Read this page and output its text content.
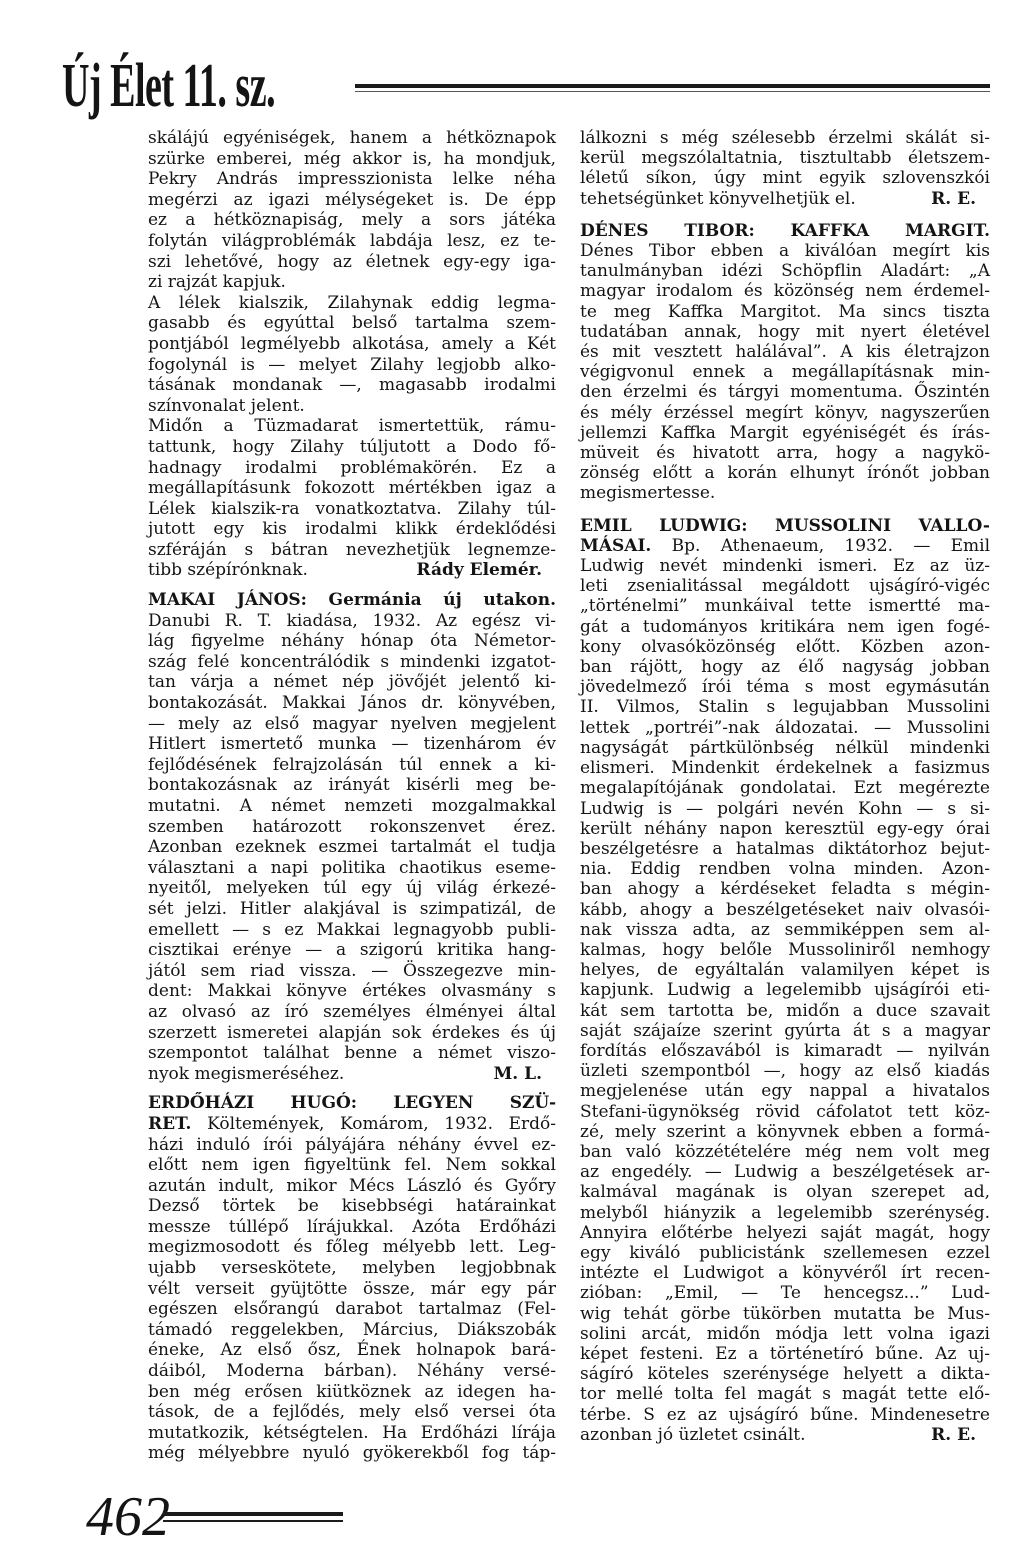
Új Élet 11. sz.
skálájú egyéniségek, hanem a hétköznapok
szürke emberei, még akkor is, ha mondjuk,
Pekry András impresszionista lelke néha
megérzi az igazi mélységeket is. De épp
ez a hétköznapiság, mely a sors játéka
folytán világproblémák labdája lesz, ez te-
szi lehetővé, hogy az életnek egy-egy iga-
zi rajzát kapjuk.
A lélek kialszik, Zilahynak eddig legma-
gasabb és egyúttal belső tartalma szem-
pontjából legmélyebb alkotása, amely a Két
fogolynál is — melyet Zilahy legjobb alko-
tásának mondanak —, magasabb irodalmi
színvonalat jelent.
Midőn a Tüzmadarat ismertettük, rámu-
tattunk, hogy Zilahy túljutott a Dodo fő-
hadnagy irodalmi problémakörén. Ez a
megállapításunk fokozott mértékben igaz a
Lélek kialszik-ra vonatkoztatva. Zilahy túl-
jutott egy kis irodalmi klikk érdeklődési
szféráján s bátran nevezhetjük legnemze-
tibb szépírónknak.	Rády Elemér.
MAKAI JÁNOS: Germánia új utakon.
Danubi R. T. kiadása, 1932. Az egész vi-
lág figyelme néhány hónap óta Németor-
szág felé koncentrálódik s mindenki izgatot-
tan várja a német nép jövőjét jelentő ki-
bontakozását. Makkai János dr. könyvében,
— mely az első magyar nyelven megjelent
Hitlert ismertető munka — tizenhárom év
fejlődésének felrajzolásán túl ennek a ki-
bontakozásnak az irányát kisérli meg be-
mutatni. A német nemzeti mozgalmakkal
szemben határozott rokonszenvet érez.
Azonban ezeknek eszmei tartalmát el tudja
választani a napi politika chaotikus eseme-
nyeitől, melyeken túl egy új világ érkezé-
sét jelzi. Hitler alakjával is szimpatizál, de
emellett — s ez Makkai legnagyobb publi-
cisztikai erénye — a szigorú kritika hang-
jától sem riad vissza. — Összegezve min-
dent: Makkai könyve értékes olvasmány s
az olvasó az író személyes élményei által
szerzett ismeretei alapján sok érdekes és új
szempontot találhat benne a német viszo-
nyok megismeréséhez.	M. L.
ERDŐHÁZI HUGÓ: LEGYEN SZÜ-
RET. Költemények, Komárom, 1932. Erdő-
házi induló írói pályájára néhány évvel ez-
előtt nem igen figyeltünk fel. Nem sokkal
azután indult, mikor Mécs László és Győry
Dezső törtek be kisebbségi határainkat
messze túllépő lírájukkal. Azóta Erdőházi
megizmosodott és főleg mélyebb lett. Leg-
ujabb verseskötete, melyben legjobbnak
vélt verseit gyüjtötte össze, már egy pár
egészen elsőrangú darabot tartalmaz (Fel-
támadó reggelekben, Március, Diákszobák
éneke, Az első ősz, Ének holnapok bará-
dáiból, Moderna bárban). Néhány versé-
ben még erősen kiütköznek az idegen ha-
tások, de a fejlődés, mely első versei óta
mutatkozik, kétségtelen. Ha Erdőházi lírája
még mélyebbre nyuló gyökerekből fog táp-
lálkozni s még szélesebb érzelmi skálát si-
kerül megszólaltatnia, tisztultabb életszem-
léletű síkon, úgy mint egyik szlovenszkói
tehetségünket könyvelhetjük el.	R. E.
DÉNES TIBOR: KAFFKA MARGIT.
Dénes Tibor ebben a kiválóan megírt kis
tanulmányban idézi Schöpflin Aladárt: „A
magyar irodalom és közönség nem érdemel-
te meg Kaffka Margitot. Ma sincs tiszta
tudatában annak, hogy mit nyert életével
és mit vesztett halálával”. A kis életrajzon
végigvonul ennek a megállapításnak min-
den érzelmi és tárgyi momentuma. Őszintén
és mély érzéssel megírt könyv, nagyszerűen
jellemzi Kaffka Margit egyéniségét és írás-
müveit és hivatott arra, hogy a nagykö-
zönség előtt a korán elhunyt írónőt jobban
megismertesse.
EMIL LUDWIG: MUSSOLINI VALLO-
MÁSAI. Bp. Athenaeum, 1932. — Emil
Ludwig nevét mindenki ismeri. Ez az üz-
leti zsenialitással megáldott ujságíró-vigéc
„történelmi” munkáival tette ismertté ma-
gát a tudományos kritikára nem igen fogé-
kony olvasóközönség előtt. Közben azon-
ban rájött, hogy az élő nagyság jobban
jövedelmező írói téma s most egymásután
II. Vilmos, Stalin s legujabban Mussolini
lettek „portréi”-nak áldozatai. — Mussolini
nagyságát pártkülönbség nélkül mindenki
elismeri. Mindenkit érdekelnek a fasizmus
megalapítójának gondolatai. Ezt megérezte
Ludwig is — polgári nevén Kohn — s si-
került néhány napon keresztül egy-egy órai
beszélgetésre a hatalmas diktátorhoz bejut-
nia. Eddig rendben volna minden. Azon-
ban ahogy a kérdéseket feladta s mégin-
kább, ahogy a beszélgetéseket naiv olvasói-
nak vissza adta, az semmiképpen sem al-
kalmas, hogy belőle Mussoliniről nemhogy
helyes, de egyáltalán valamilyen képet is
kapjunk. Ludwig a legelemibb ujságírói eti-
kát sem tartotta be, midőn a duce szavait
saját szájaíze szerint gyúrta át s a magyar
fordítás előszavából is kimaradt — nyilván
üzleti szempontból —, hogy az első kiadás
megjelenése után egy nappal a hivatalos
Stefani-ügynökség rövid cáfolatot tett köz-
zé, mely szerint a könyvnek ebben a formá-
ban való közzétételére még nem volt meg
az engedély. — Ludwig a beszélgetések ar-
kalmával magának is olyan szerepet ad,
melyből hiányzik a legelemibb szerénység.
Annyira előtérbe helyezi saját magát, hogy
egy kiváló publicistánk szellemesen ezzel
intézte el Ludwigot a könyvéről írt recen-
zióban: „Emil, — Te hencegsz...” Lud-
wig tehát görbe tükörben mutatta be Mus-
solini arcát, midőn módja lett volna igazi
képet festeni. Ez a történetíró bűne. Az uj-
ságíró köteles szerénysége helyett a dikta-
tor mellé tolta fel magát s magát tette elő-
térbe. S ez az ujságíró bűne. Mindenesetre
azonban jó üzletet csinált.	R. E.
462
